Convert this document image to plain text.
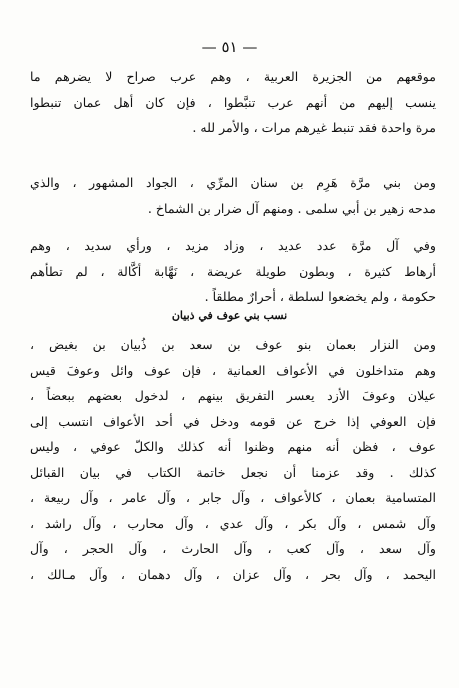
— ٥١ —
موقعهم من الجزيرة العربية ، وهم عرب صراح لا يضرهم ما
ينسب إليهم من أنهم عرب تنبَّطوا ، فإن كان أهل عمان تنبطوا
مرة واحدة فقد تنبط غيرهم مرات ، والأمر لله .
ومن بني مرَّة هَرِم بن سنان المرِّي ، الجواد المشهور ، والذي
مدحه زهير بن أبي سلمى . ومنهم آل ضرار بن الشماخ .
وفي آل مرَّة عدد عديد ، وزاد مزيد ، ورأي سديد ، وهم
أرهاط كثيرة ، وبطون طويلة عريضة ، نَهَّابة أكَّالة ، لم تطأهم
حكومة ، ولم يخضعوا لسلطة ، أحرارٌ مطلقاً .
نسب بني عوف في ذبيان
ومن النزار بعمان بنو عوف بن سعد بن ذُبيان بن بغيض ،
وهم متداخلون في الأعواف العمانية ، فإن عوف وائل وعوفَ قيس
عيلان وعوفَ الأزد يعسر التفريق بينهم ، لدخول بعضهم ببعضاً ،
فإن العوفي إذا خرج عن قومه ودخل في أحد الأعواف انتسب إلى
عوف ، فظن أنه منهم وظنوا أنه كذلك والكلّ عوفي ، وليس
كذلك . وقد عزمنا أن نجعل خاتمة الكتاب في بيان القبائل
المتسامية بعمان ، كالأعواف ، وآل جابر ، وآل عامر ، وآل ربيعة ،
وآل شمس ، وآل بكر ، وآل عدي ، وآل محارب ، وآل راشد ،
وآل سعد ، وآل كعب ، وآل الحارث ، وآل الحجر ، وآل
اليحمد ، وآل بحر ، وآل عزان ، وآل دهمان ، وآل مـالك ،
